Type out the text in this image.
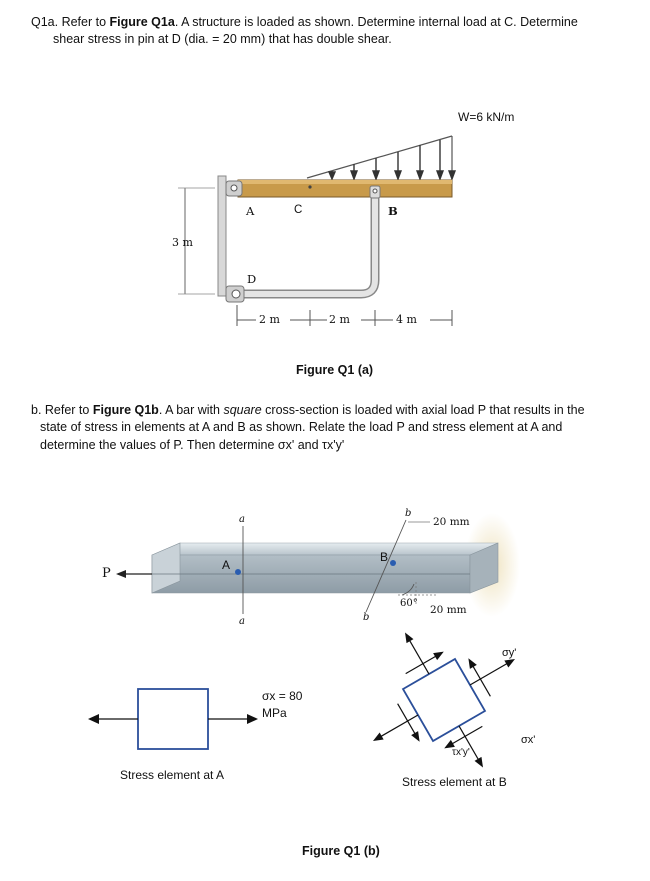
Q1a. Refer to Figure Q1a. A structure is loaded as shown. Determine internal load at C. Determine
shear stress in pin at D (dia. = 20 mm) that has double shear.
W=6 kN/m
A	C	B
D
3 m
2 m	2 m	4 m
Figure Q1 (a)
b. Refer to Figure Q1b. A bar with square cross-section is loaded with axial load P that results in the
state of stress in elements at A and B as shown. Relate the load P and stress element at A and
determine the values of P. Then determine σx' and τx'y'
P
A
B
a
a
b
b
20 mm
20 mm
60°
σx = 80
MPa
Stress element at A
σy'
σx'
τx'y'
Stress element at B
Figure Q1 (b)
